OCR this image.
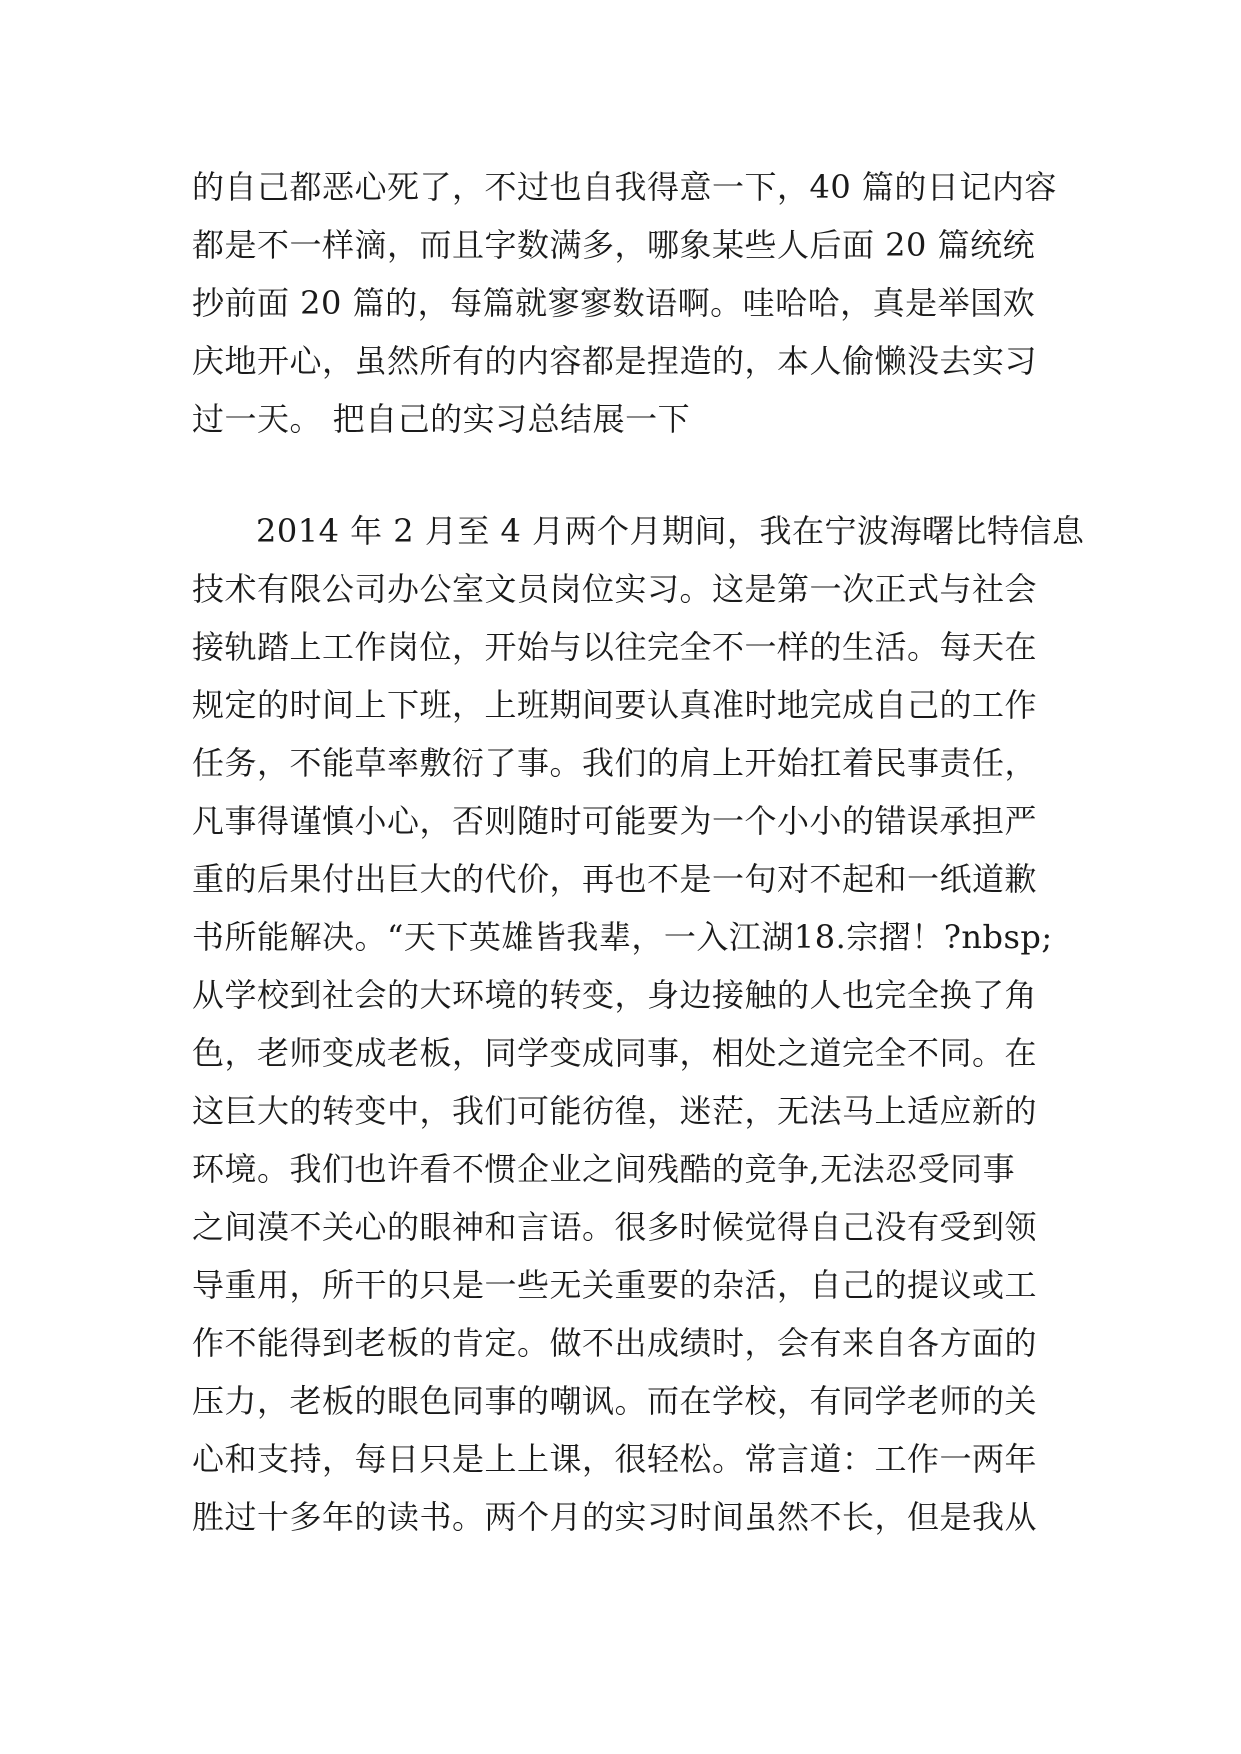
的自己都恶心死了，不过也自我得意一下，40 篇的日记内容
都是不一样滴，而且字数满多，哪象某些人后面 20 篇统统
抄前面 20 篇的，每篇就寥寥数语啊。哇哈哈，真是举国欢
庆地开心，虽然所有的内容都是捏造的，本人偷懒没去实习
过一天。 把自己的实习总结展一下
2014 年 2 月至 4 月两个月期间，我在宁波海曙比特信息
技术有限公司办公室文员岗位实习。这是第一次正式与社会
接轨踏上工作岗位，开始与以往完全不一样的生活。每天在
规定的时间上下班，上班期间要认真准时地完成自己的工作
任务，不能草率敷衍了事。我们的肩上开始扛着民事责任，
凡事得谨慎小心，否则随时可能要为一个小小的错误承担严
重的后果付出巨大的代价，再也不是一句对不起和一纸道歉
书所能解决。“天下英雄皆我辈，一入江湖18.宗摺！?nbsp;
从学校到社会的大环境的转变，身边接触的人也完全换了角
色，老师变成老板，同学变成同事，相处之道完全不同。在
这巨大的转变中，我们可能彷徨，迷茫，无法马上适应新的
环境。我们也许看不惯企业之间残酷的竞争,无法忍受同事
之间漠不关心的眼神和言语。很多时候觉得自己没有受到领
导重用，所干的只是一些无关重要的杂活，自己的提议或工
作不能得到老板的肯定。做不出成绩时，会有来自各方面的
压力，老板的眼色同事的嘲讽。而在学校，有同学老师的关
心和支持，每日只是上上课，很轻松。常言道：工作一两年
胜过十多年的读书。两个月的实习时间虽然不长，但是我从
